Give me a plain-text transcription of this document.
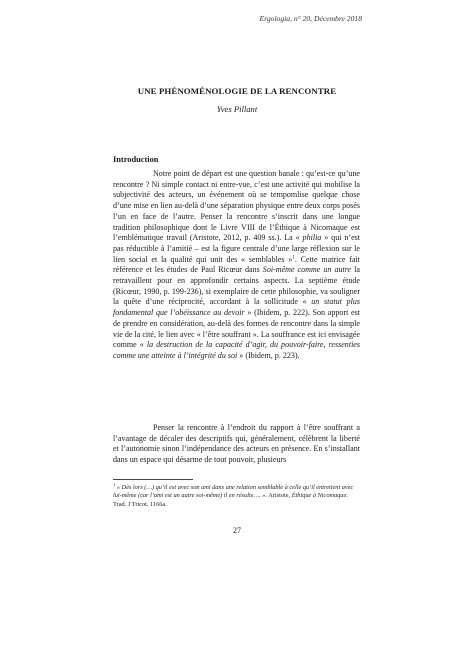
Ergologia, n° 20, Décembre 2018
UNE PHÉNOMÉNOLOGIE DE LA RENCONTRE
Yves Pillant
Introduction
Notre point de départ est une question banale : qu’est-ce qu’une rencontre ? Ni simple contact ni entre-vue, c’est une activité qui mobilise la subjectivité des acteurs, un événement où se tempomlise quelque chose d’une mise en lien au-delà d’une séparation physique entre deux corps posés l’un en face de l’autre. Penser la rencontre s’inscrit dans une longue tradition philosophique dont le Livre VIII de l’Éthique à Nicomaque est l’emblématique travail (Aristote, 2012, p. 409 ss.). La « philia » qui n’est pas réductible à l’amitié – est la figure centrale d’une large réflexion sur le lien social et la qualité qui unit des « semblables »$^1$. Cette matrice fait référence et les études de Paul Ricœur dans Soi-même comme un autre la retravaillent pour en approfondir certains aspects. La septième étude (Ricœur, 1990, p. 199-236), si exemplaire de cette philosophie, va souligner la quête d’une réciprocité, accordant à la sollicitude « un statut plus fondamental que l’obéissance au devoir » (Ibidem, p. 222). Son apport est de prendre en considération, au-delà des formes de rencontre dans la simple vie de la cité, le lien avec « l’être souffrant ». La souffrance est ici envisagée comme « la destruction de la capacité d’agir, du pouvoir-faire, ressenties comme une atteinte à l’intégrité du soi » (Ibidem, p. 223).
Penser la rencontre à l’endroit du rapport à l’être souffrant a l’avantage de décaler des descriptifs qui, généralement, célèbrent la liberté et l’autonomie sinon l’indépendance des acteurs en présence. En s’installant dans un espace qui désarme de tout pouvoir, plusieurs
$^1$ « Dès lors (…) qu’il est avec son ami dans une relation semblable à celle qu’il entretient avec lui-même (car l’ami est un autre soi-même) il en résulte…. ». Aristote, Éthique à Nicomaque. Trad. J Tricot. 1166a.
27
